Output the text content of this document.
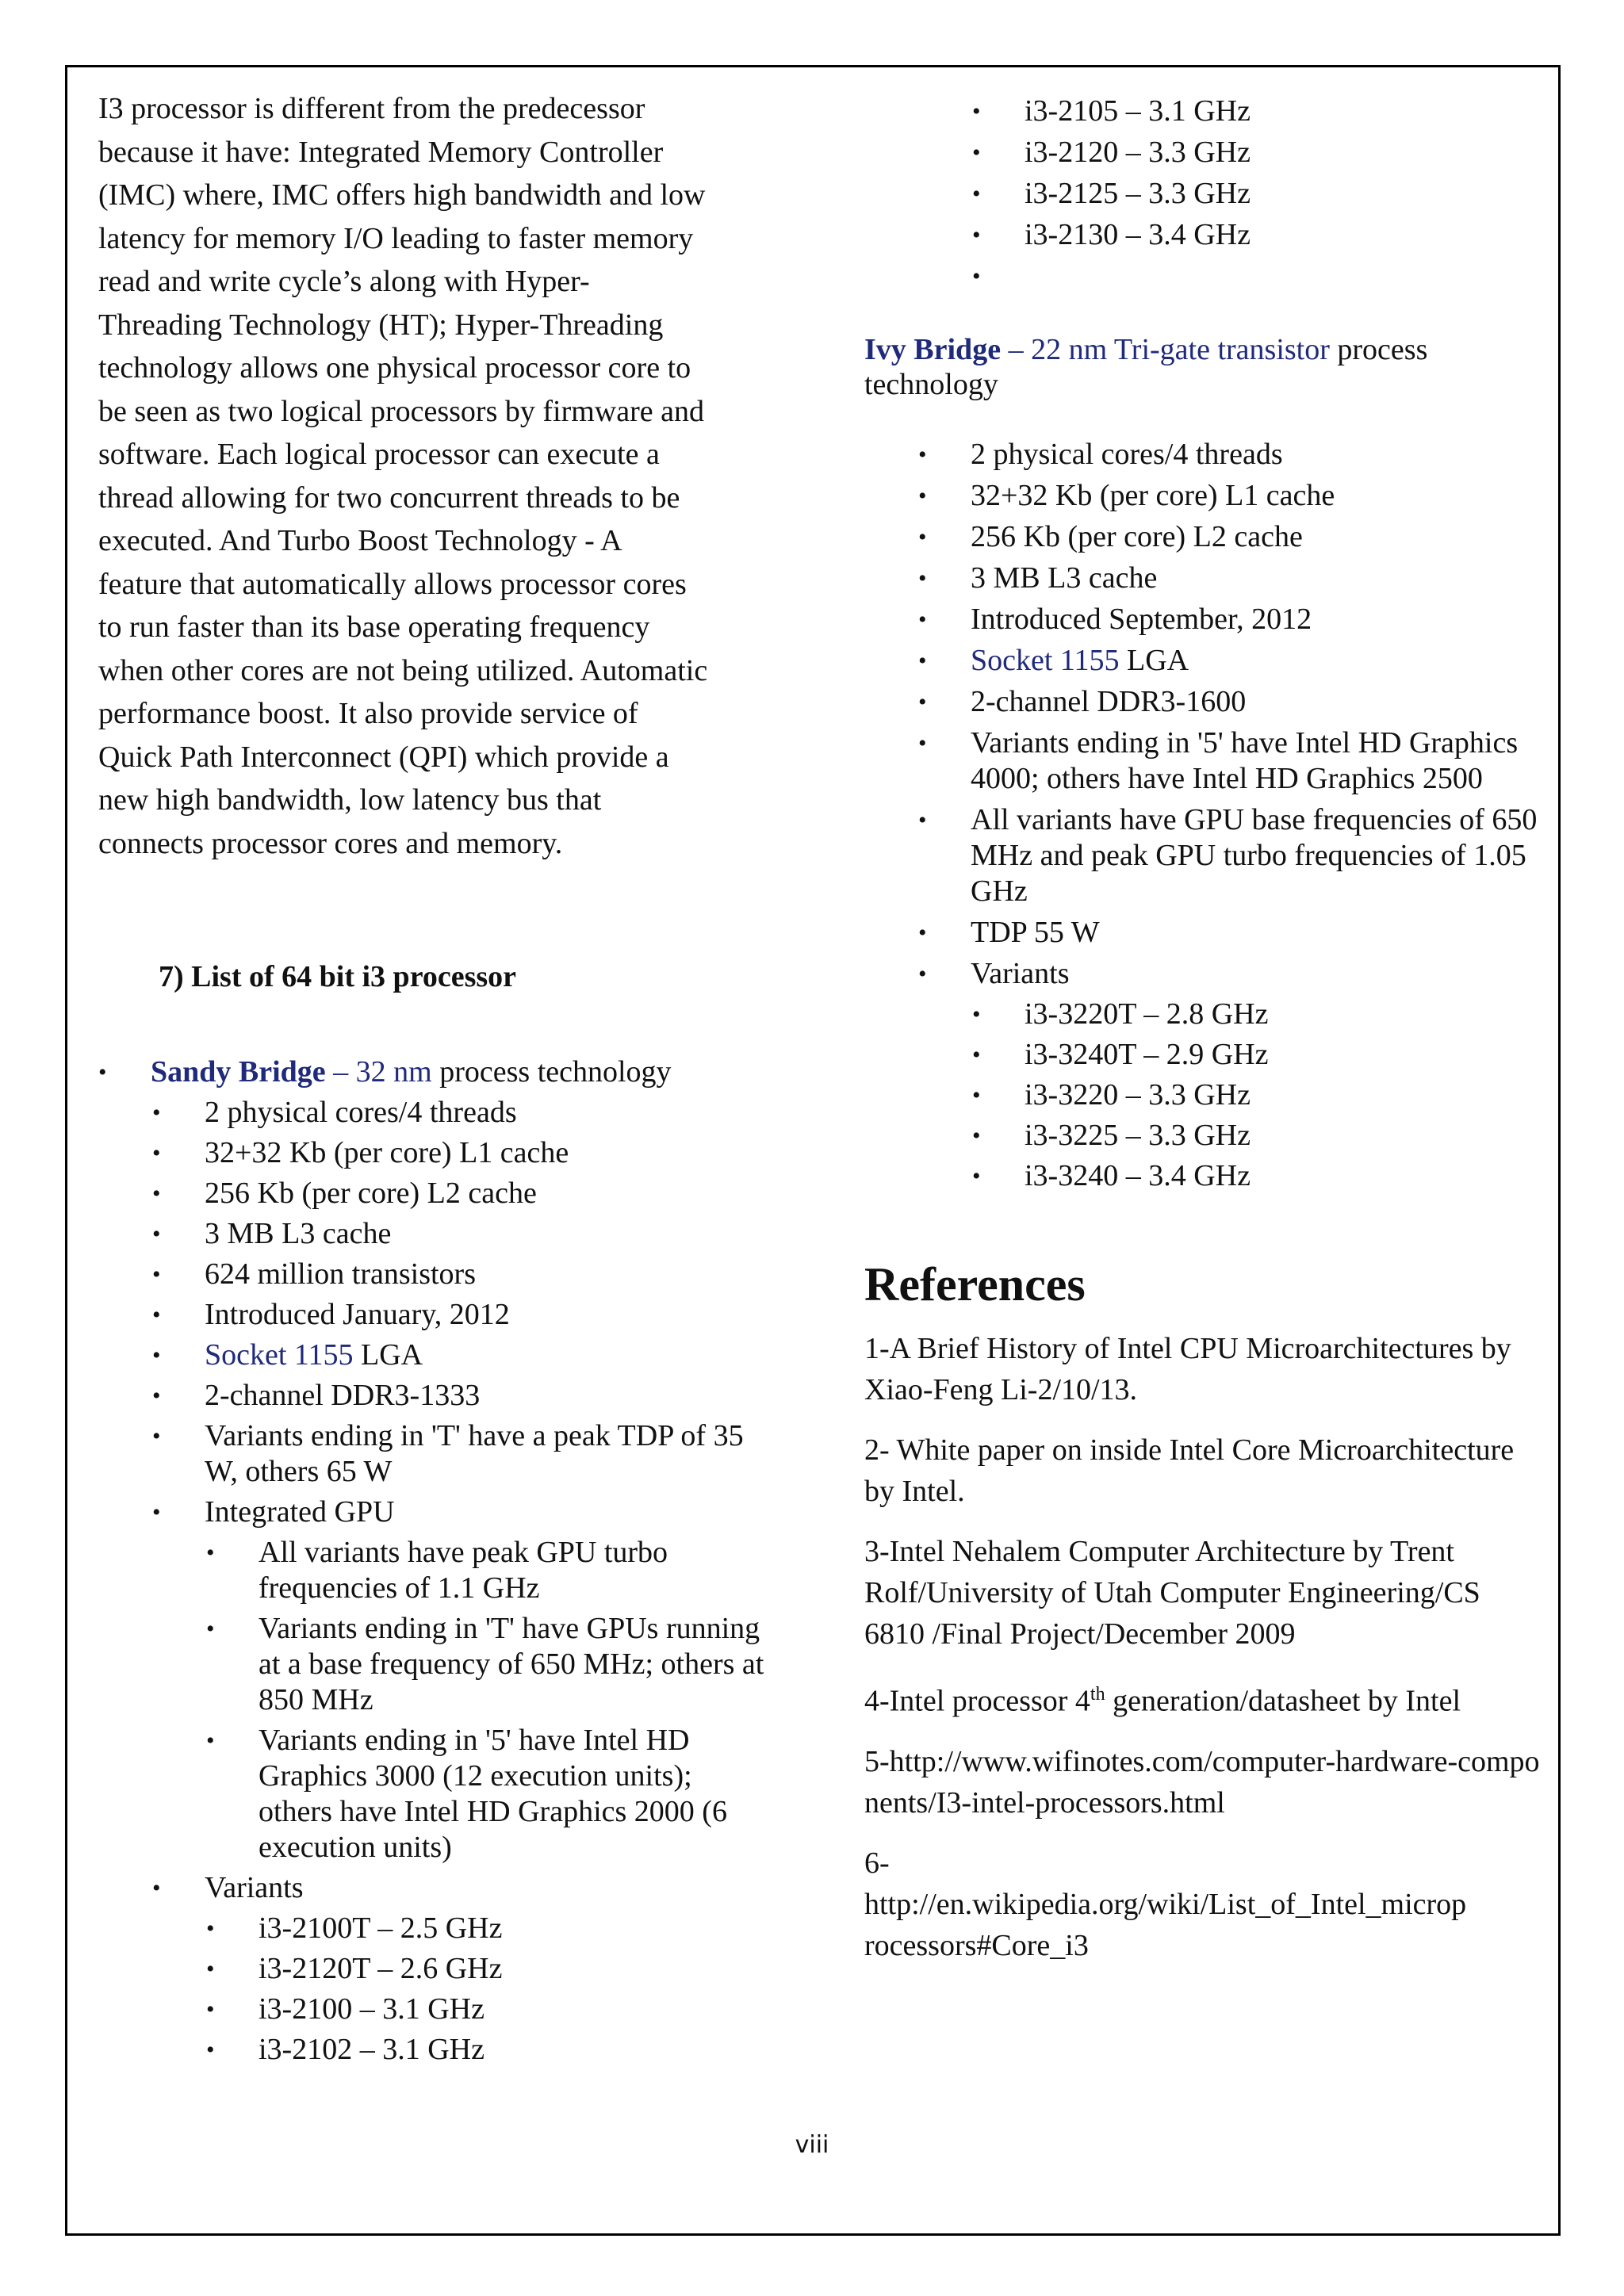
I3 processor is different from the predecessor

because it have: Integrated Memory Controller

(IMC) where, IMC offers high bandwidth and low

latency for memory I/O leading to faster memory

read and write cycle’s along with Hyper-

Threading Technology (HT); Hyper-Threading

technology allows one physical processor core to

be seen as two logical processors by firmware and

software. Each logical processor can execute a

thread allowing for two concurrent threads to be

executed. And Turbo Boost Technology - A

feature that automatically allows processor cores

to run faster than its base operating frequency

when other cores are not being utilized. Automatic

performance boost. It also provide service of

Quick Path Interconnect (QPI) which provide a

new high bandwidth, low latency bus that

connects processor cores and memory.

7) List of 64 bit i3 processor

• Sandy Bridge – 32 nm process technology
• 2 physical cores/4 threads
• 32+32 Kb (per core) L1 cache
• 256 Kb (per core) L2 cache
• 3 MB L3 cache
• 624 million transistors
• Introduced January, 2012
• Socket 1155 LGA
• 2-channel DDR3-1333
• Variants ending in 'T' have a peak TDP of 35 W, others 65 W
• Integrated GPU
• All variants have peak GPU turbo frequencies of 1.1 GHz
• Variants ending in 'T' have GPUs running at a base frequency of 650 MHz; others at 850 MHz
• Variants ending in '5' have Intel HD Graphics 3000 (12 execution units); others have Intel HD Graphics 2000 (6 execution units)
• Variants
• i3-2100T – 2.5 GHz
• i3-2120T – 2.6 GHz
• i3-2100 – 3.1 GHz
• i3-2102 – 3.1 GHz
• i3-2105 – 3.1 GHz
• i3-2120 – 3.3 GHz
• i3-2125 – 3.3 GHz
• i3-2130 – 3.4 GHz
•

Ivy Bridge – 22 nm Tri-gate transistor process technology

• 2 physical cores/4 threads
• 32+32 Kb (per core) L1 cache
• 256 Kb (per core) L2 cache
• 3 MB L3 cache
• Introduced September, 2012
• Socket 1155 LGA
• 2-channel DDR3-1600
• Variants ending in '5' have Intel HD Graphics 4000; others have Intel HD Graphics 2500
• All variants have GPU base frequencies of 650 MHz and peak GPU turbo frequencies of 1.05 GHz
• TDP 55 W
• Variants
• i3-3220T – 2.8 GHz
• i3-3240T – 2.9 GHz
• i3-3220 – 3.3 GHz
• i3-3225 – 3.3 GHz
• i3-3240 – 3.4 GHz
References

1-A Brief History of Intel CPU Microarchitectures by Xiao-Feng Li-2/10/13.

2- White paper on inside Intel Core Microarchitecture by Intel.

3-Intel Nehalem Computer Architecture by Trent Rolf/University of Utah Computer Engineering/CS 6810 /Final Project/December 2009

4-Intel processor 4th generation/datasheet by Intel

5-http://www.wifinotes.com/computer-hardware-components/I3-intel-processors.html

6-

http://en.wikipedia.org/wiki/List_of_Intel_microp rocessors#Core_i3

viii
